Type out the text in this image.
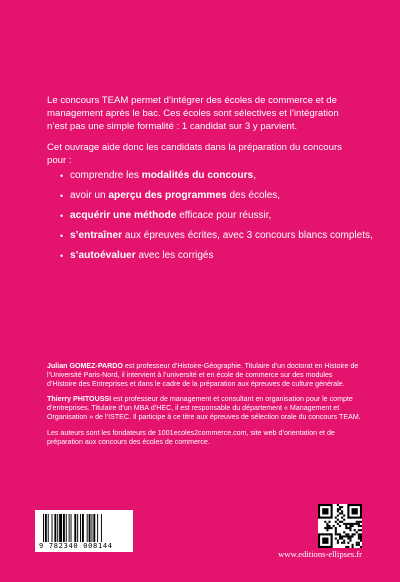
Le concours TEAM permet d’intégrer des écoles de commerce et de management après le bac. Ces écoles sont sélectives et l’intégration n’est pas une simple formalité : 1 candidat sur 3 y parvient.

Cet ouvrage aide donc les candidats dans la préparation du concours pour :

• comprendre les modalités du concours,
• avoir un aperçu des programmes des écoles,
• acquérir une méthode efficace pour réussir,
• s’entraîner aux épreuves écrites, avec 3 concours blancs complets,
• s’autoévaluer avec les corrigés

Julian GOMEZ-PARDO est professeur d’Histoire-Géographie. Titulaire d’un doctorat en Histoire de l’Université Paris-Nord, il intervient à l’université et en école de commerce sur des modules d’Histoire des Entreprises et dans le cadre de la préparation aux épreuves de culture générale.

Thierry PHITOUSSI est professeur de management et consultant en organisation pour le compte d’entreprises. Titulaire d’un MBA d’HEC, il est responsable du département « Management et Organisation » de l’ISTEC. Il participe à ce titre aux épreuves de sélection orale du concours TEAM.

Les auteurs sont les fondateurs de 1001ecoles2commerce.com, site web d’orientation et de préparation aux concours des écoles de commerce.

9 782340 008144
www.editions-ellipses.fr
